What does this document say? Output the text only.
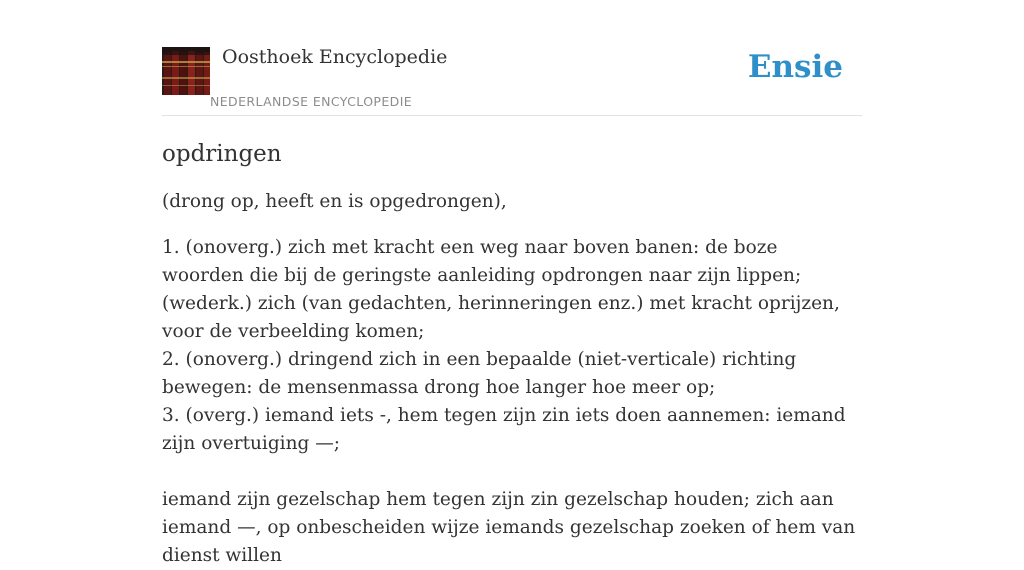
Oosthoek Encyclopedie
NEDERLANDSE ENCYCLOPEDIE
Ensie
opdringen

(drong op, heeft en is opgedrongen),

1. (onoverg.) zich met kracht een weg naar boven banen: de boze woorden die bij de geringste aanleiding opdrongen naar zijn lippen; (wederk.) zich (van gedachten, herinneringen enz.) met kracht oprijzen, voor de verbeelding komen;

2. (onoverg.) dringend zich in een bepaalde (niet-verticale) richting bewegen: de mensenmassa drong hoe langer hoe meer op;

3. (overg.) iemand iets -, hem tegen zijn zin iets doen aannemen: iemand zijn overtuiging —;

iemand zijn gezelschap hem tegen zijn zin gezelschap houden; zich aan iemand —, op onbescheiden wijze iemands gezelschap zoeken of hem van dienst willen
